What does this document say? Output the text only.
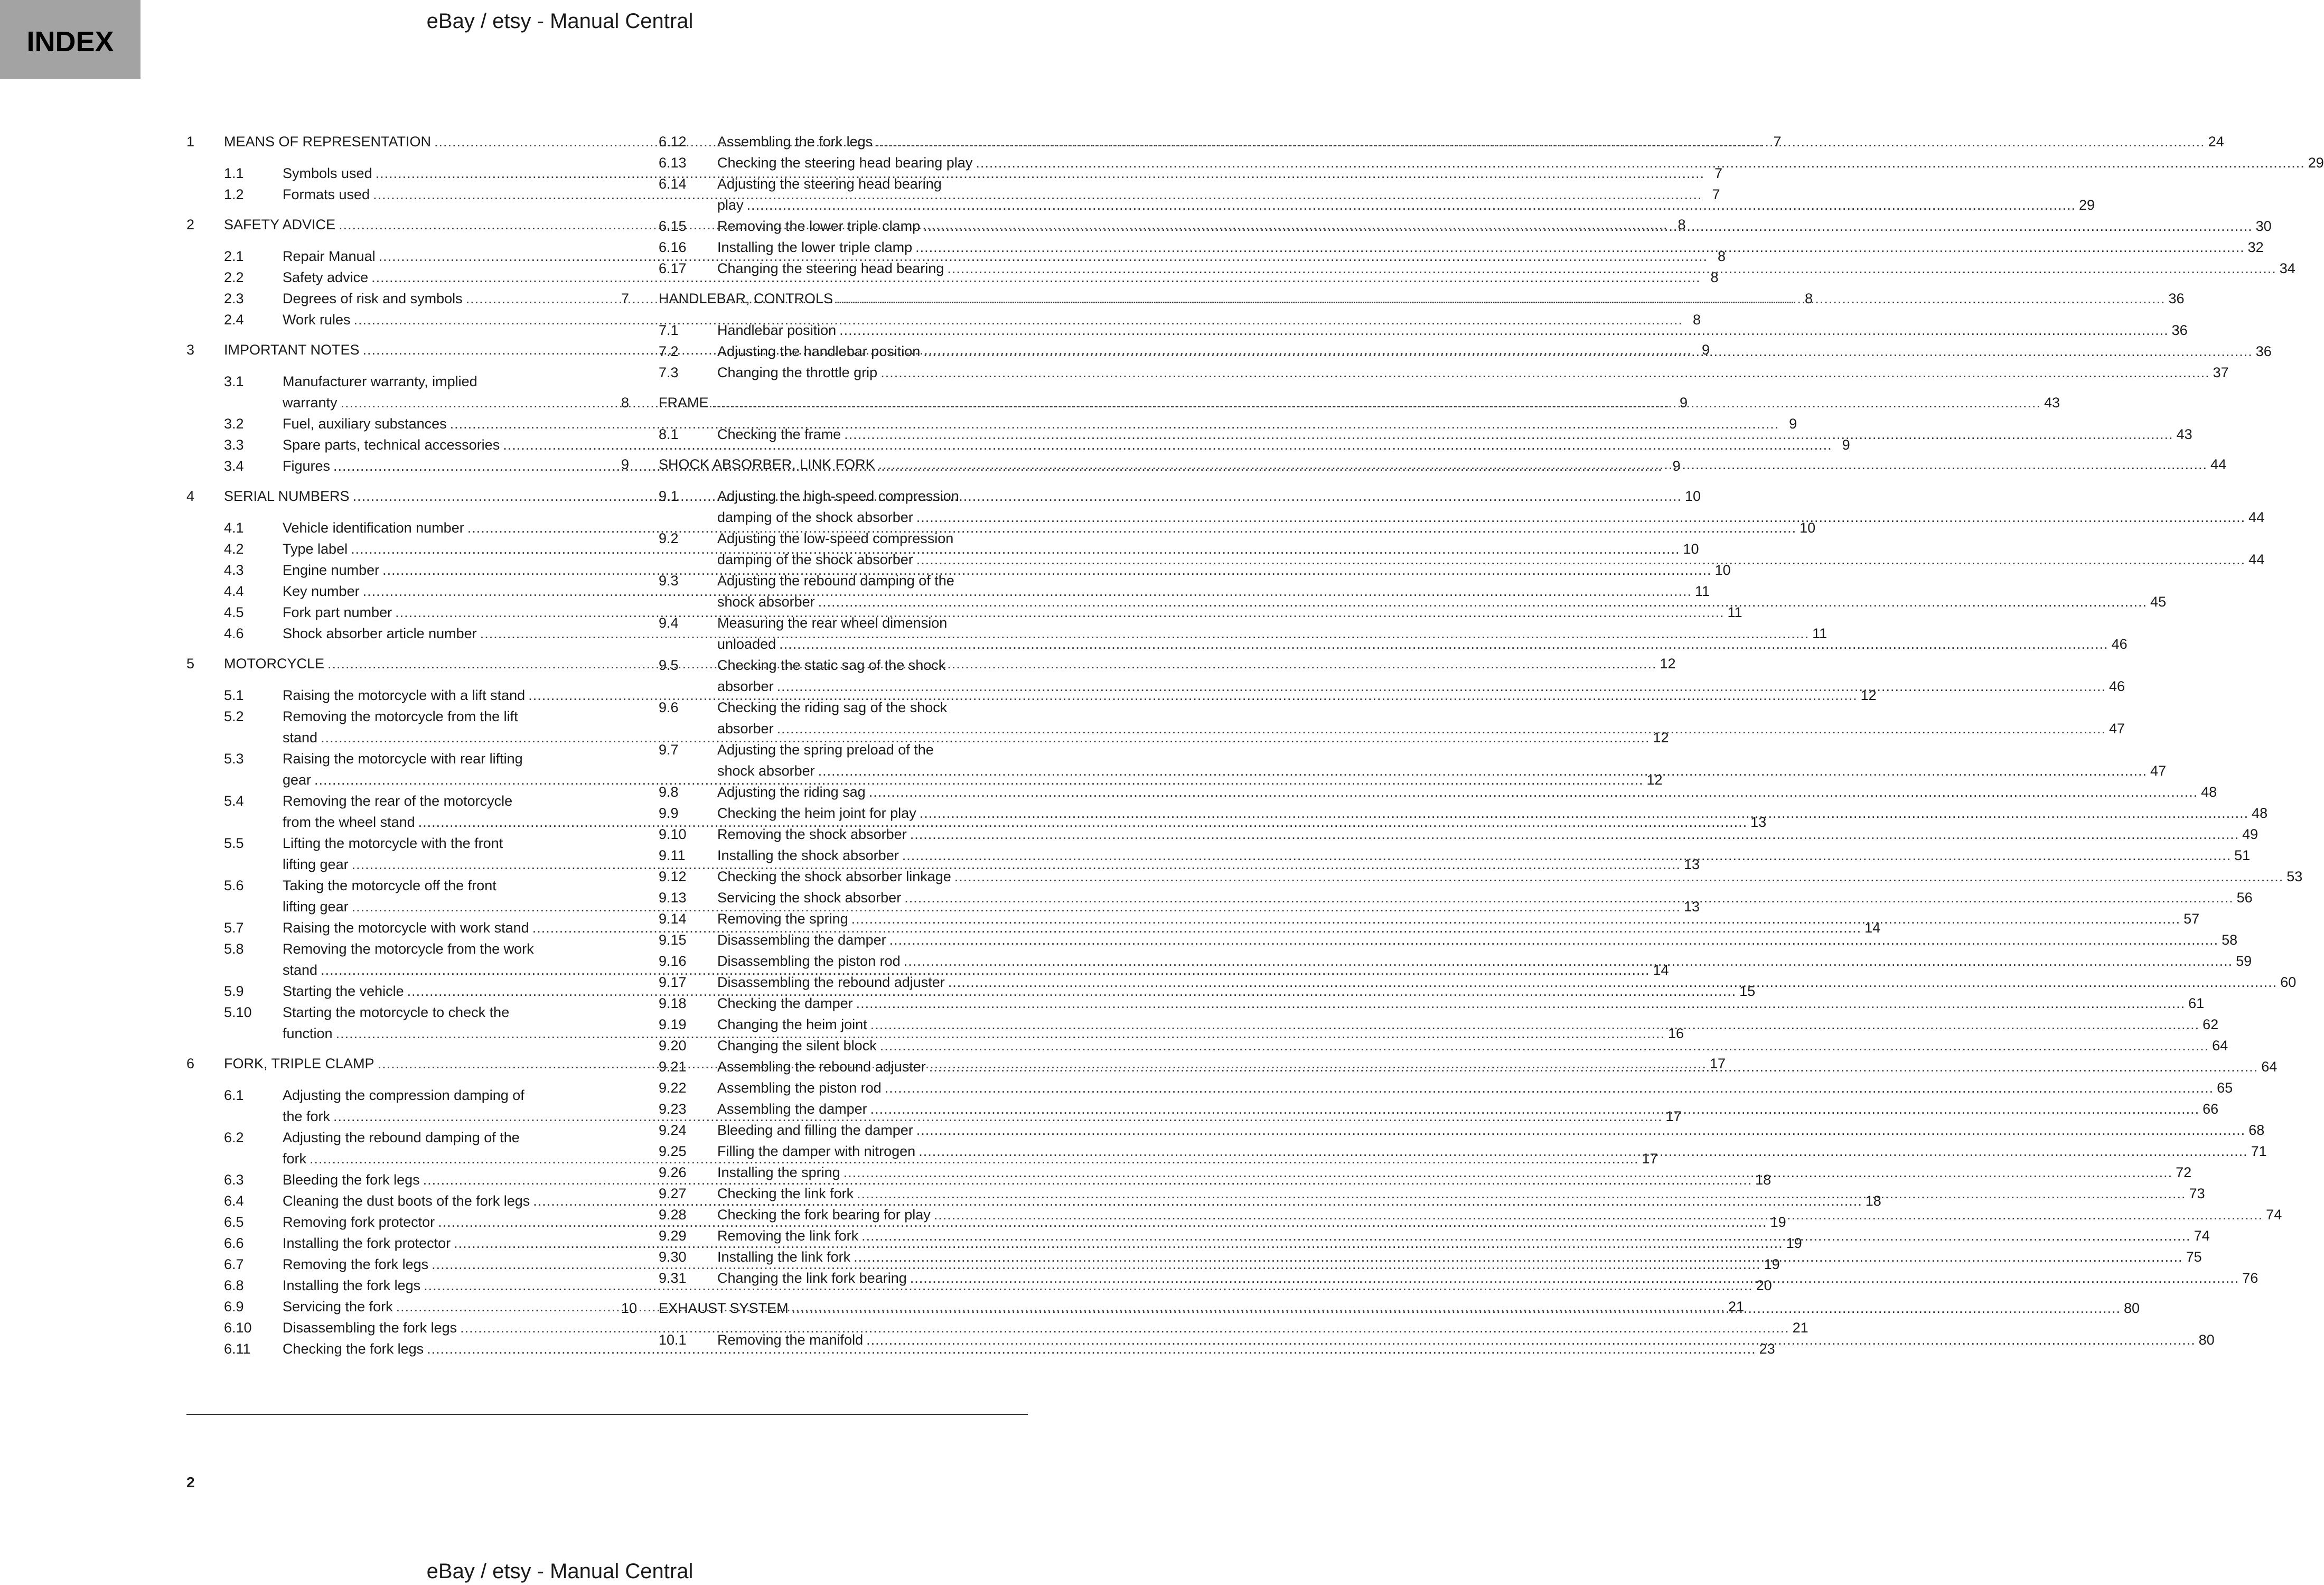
INDEX
eBay / etsy - Manual Central
1	MEANS OF REPRESENTATION .....	7
1.1	Symbols used .....	7
1.2	Formats used .....	7
2	SAFETY ADVICE .....	8
2.1	Repair Manual .....	8
2.2	Safety advice .....	8
2.3	Degrees of risk and symbols .....	8
2.4	Work rules .....	8
3	IMPORTANT NOTES .....	9
3.1	Manufacturer warranty, implied
warranty .....	9
3.2	Fuel, auxiliary substances .....	9
3.3	Spare parts, technical accessories .....	9
3.4	Figures .....	9
4	SERIAL NUMBERS .....	10
4.1	Vehicle identification number .....	10
4.2	Type label .....	10
4.3	Engine number .....	10
4.4	Key number .....	11
4.5	Fork part number .....	11
4.6	Shock absorber article number .....	11
5	MOTORCYCLE .....	12
5.1	Raising the motorcycle with a lift stand .....	12
5.2	Removing the motorcycle from the lift
stand .....	12
5.3	Raising the motorcycle with rear lifting
gear .....	12
5.4	Removing the rear of the motorcycle
from the wheel stand .....	13
5.5	Lifting the motorcycle with the front
lifting gear .....	13
5.6	Taking the motorcycle off the front
lifting gear .....	13
5.7	Raising the motorcycle with work stand .....	14
5.8	Removing the motorcycle from the work
stand .....	14
5.9	Starting the vehicle .....	15
5.10	Starting the motorcycle to check the
function .....	16
6	FORK, TRIPLE CLAMP .....	17
6.1	Adjusting the compression damping of
the fork .....	17
6.2	Adjusting the rebound damping of the
fork .....	17
6.3	Bleeding the fork legs .....	18
6.4	Cleaning the dust boots of the fork legs .....	18
6.5	Removing fork protector .....	19
6.6	Installing the fork protector .....	19
6.7	Removing the fork legs .....	19
6.8	Installing the fork legs .....	20
6.9	Servicing the fork .....	21
6.10	Disassembling the fork legs .....	21
6.11	Checking the fork legs .....	23
6.12	Assembling the fork legs .....	24
6.13	Checking the steering head bearing play .....	29
6.14	Adjusting the steering head bearing
play .....	29
6.15	Removing the lower triple clamp .....	30
6.16	Installing the lower triple clamp .....	32
6.17	Changing the steering head bearing .....	34
7	HANDLEBAR, CONTROLS .....	36
7.1	Handlebar position .....	36
7.2	Adjusting the handlebar position .....	36
7.3	Changing the throttle grip .....	37
8	FRAME .....	43
8.1	Checking the frame .....	43
9	SHOCK ABSORBER, LINK FORK .....	44
9.1	Adjusting the high-speed compression
damping of the shock absorber .....	44
9.2	Adjusting the low-speed compression
damping of the shock absorber .....	44
9.3	Adjusting the rebound damping of the
shock absorber .....	45
9.4	Measuring the rear wheel dimension
unloaded .....	46
9.5	Checking the static sag of the shock
absorber .....	46
9.6	Checking the riding sag of the shock
absorber .....	47
9.7	Adjusting the spring preload of the
shock absorber .....	47
9.8	Adjusting the riding sag .....	48
9.9	Checking the heim joint for play .....	48
9.10	Removing the shock absorber .....	49
9.11	Installing the shock absorber .....	51
9.12	Checking the shock absorber linkage .....	53
9.13	Servicing the shock absorber .....	56
9.14	Removing the spring .....	57
9.15	Disassembling the damper .....	58
9.16	Disassembling the piston rod .....	59
9.17	Disassembling the rebound adjuster .....	60
9.18	Checking the damper .....	61
9.19	Changing the heim joint .....	62
9.20	Changing the silent block .....	64
9.21	Assembling the rebound adjuster .....	64
9.22	Assembling the piston rod .....	65
9.23	Assembling the damper .....	66
9.24	Bleeding and filling the damper .....	68
9.25	Filling the damper with nitrogen .....	71
9.26	Installing the spring .....	72
9.27	Checking the link fork .....	73
9.28	Checking the fork bearing for play .....	74
9.29	Removing the link fork .....	74
9.30	Installing the link fork .....	75
9.31	Changing the link fork bearing .....	76
10	EXHAUST SYSTEM .....	80
10.1	Removing the manifold .....	80
2
eBay / etsy - Manual Central
